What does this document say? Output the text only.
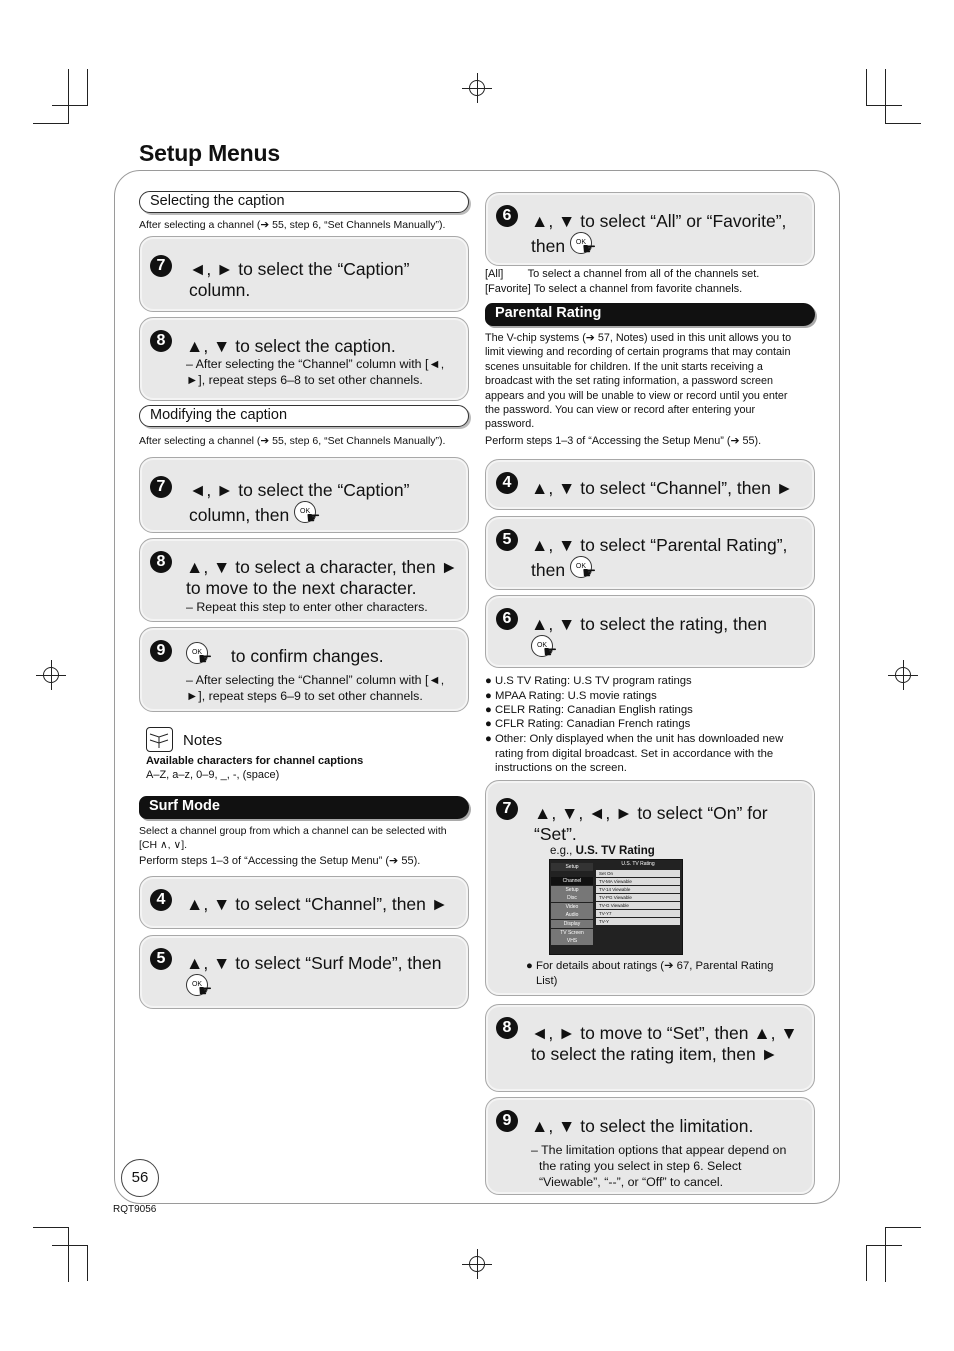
Setup Menus
Selecting the caption
After selecting a channel (➔ 55, step 6, “Set Channels Manually”).
7	◄, ► to select the “Caption” column.
8	▲, ▼ to select the caption.
– After selecting the “Channel” column with [◄, ►], repeat steps 6–8 to set other channels.
Modifying the caption
After selecting a channel (➔ 55, step 6, “Set Channels Manually”).
7	◄, ► to select the “Caption” column, then	OK
☛
8	▲, ▼ to select a character, then ► to move to the next character.
– Repeat this step to enter other characters.
9	OK
☛ to confirm changes.
– After selecting the “Channel” column with [◄, ►], repeat steps 6–9 to set other channels.
Notes
Available characters for channel captions
A–Z, a–z, 0–9, _, -, (space)
Surf Mode
Select a channel group from which a channel can be selected with [CH ∧, ∨].
Perform steps 1–3 of “Accessing the Setup Menu” (➔ 55).
4	▲, ▼ to select “Channel”, then ►
5	▲, ▼ to select “Surf Mode”, then

OK
☛
56
RQT9056
6	▲, ▼ to select “All” or “Favorite”, then	OK
☛
[All]        To select a channel from all of the channels set.
[Favorite] To select a channel from favorite channels.
Parental Rating
The V-chip systems (➔ 57, Notes) used in this unit allows you to limit viewing and recording of certain programs that may contain scenes unsuitable for children. If the unit starts receiving a broadcast with the set rating information, a password screen appears and you will be unable to view or record until you enter the password. You can view or record after entering your password.
Perform steps 1–3 of “Accessing the Setup Menu” (➔ 55).
4	▲, ▼ to select “Channel”, then ►
5	▲, ▼ to select “Parental Rating”, then	OK
☛
6	▲, ▼ to select the rating, then

OK
☛
● U.S TV Rating: U.S TV program ratings
● MPAA Rating: U.S movie ratings
● CELR Rating: Canadian English ratings
● CFLR Rating: Canadian French ratings
● Other: Only displayed when the unit has downloaded new rating from digital broadcast. Set in accordance with the instructions on the screen.
7	▲, ▼, ◄, ► to select “On” for “Set”.
e.g., U.S. TV Rating
● For details about ratings (➔ 67, Parental Rating List)
Setup
Channel
Setup
Disc
Video
Audio
Display
TV Screen
VHS
U.S. TV Rating
Set On
TV-MA Viewable
TV-14 Viewable
TV-PG Viewable
TV-G Viewable
TV-Y7
TV-Y
8	◄, ► to move to “Set”, then ▲, ▼ to select the rating item, then ►
9	▲, ▼ to select the limitation.
– The limitation options that appear depend on the rating you select in step 6. Select “Viewable”, “--”, or “Off” to cancel.
